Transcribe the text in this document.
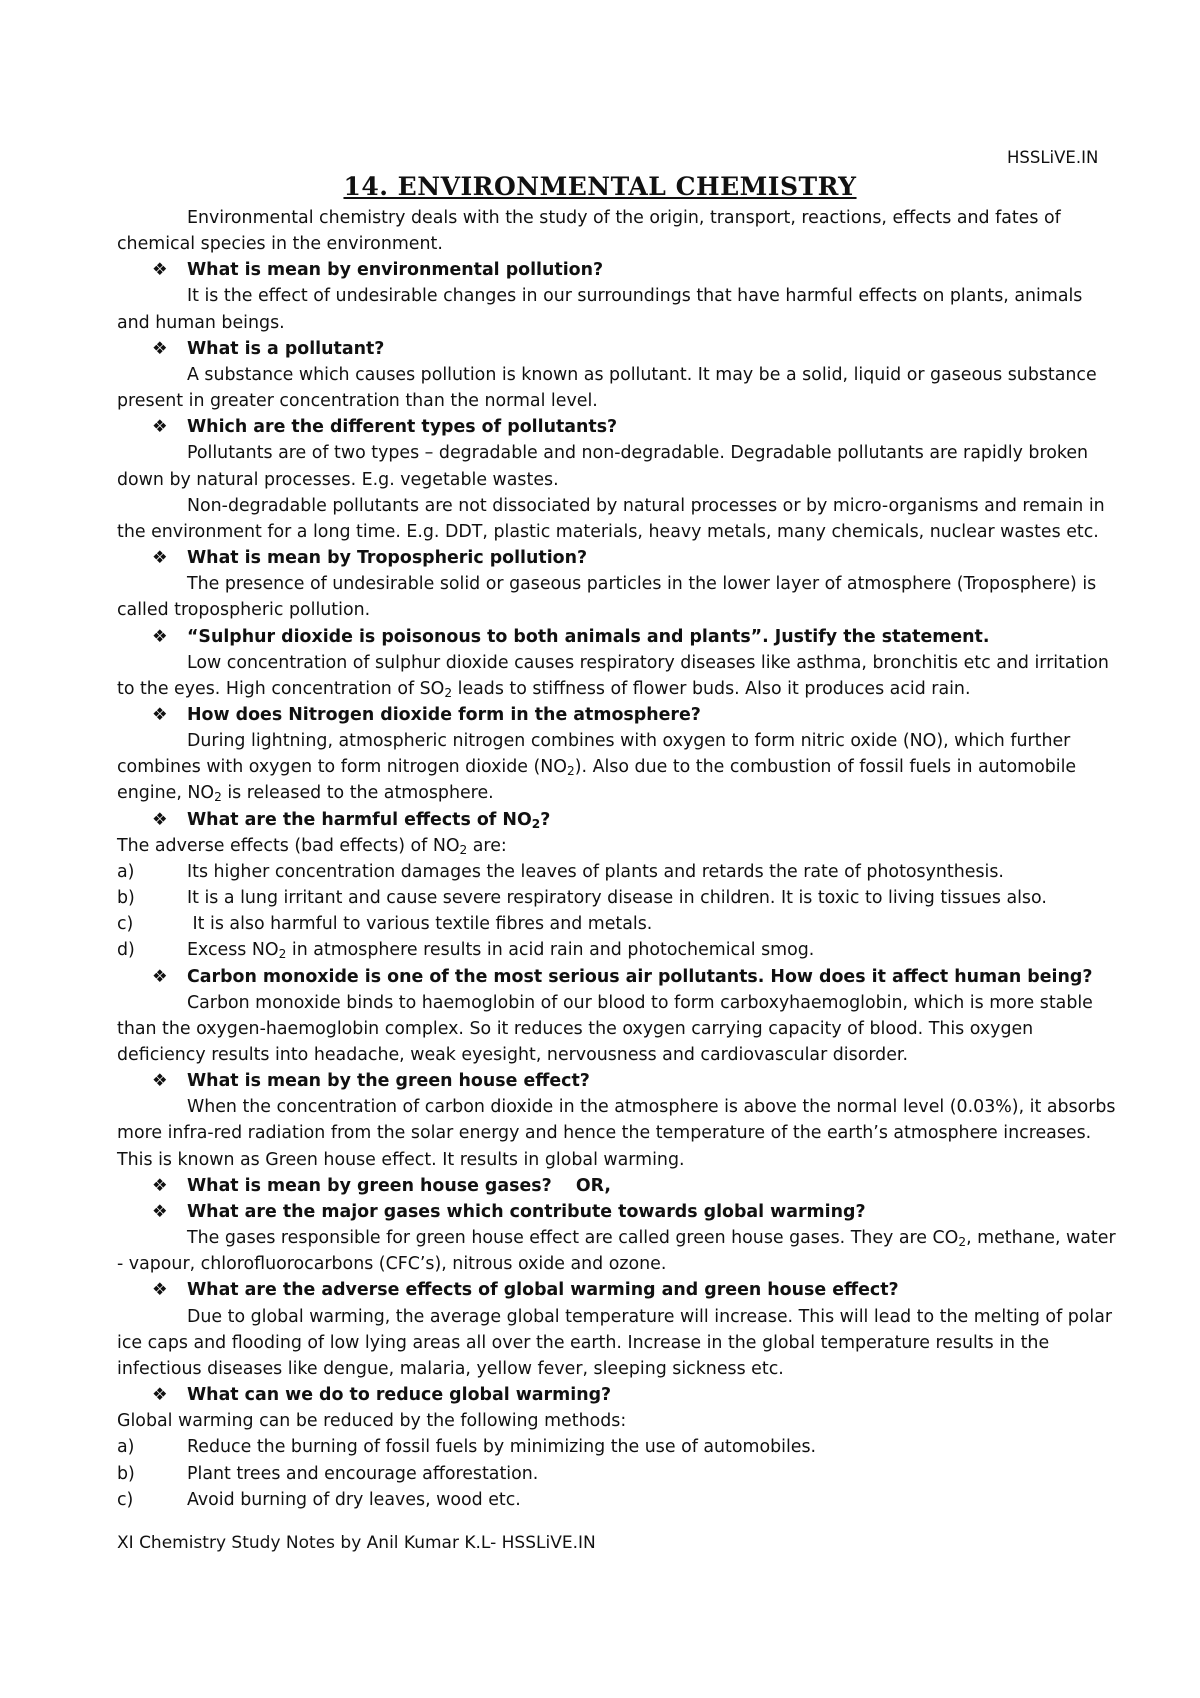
HSSLiVE.IN
14. ENVIRONMENTAL CHEMISTRY

Environmental chemistry deals with the study of the origin, transport, reactions, effects and fates of chemical species in the environment.

❖ What is mean by environmental pollution?

It is the effect of undesirable changes in our surroundings that have harmful effects on plants, animals and human beings.

❖ What is a pollutant?

A substance which causes pollution is known as pollutant. It may be a solid, liquid or gaseous substance present in greater concentration than the normal level.

❖ Which are the different types of pollutants?

Pollutants are of two types – degradable and non-degradable. Degradable pollutants are rapidly broken down by natural processes. E.g. vegetable wastes.

Non-degradable pollutants are not dissociated by natural processes or by micro-organisms and remain in the environment for a long time. E.g. DDT, plastic materials, heavy metals, many chemicals, nuclear wastes etc.

❖ What is mean by Tropospheric pollution?

The presence of undesirable solid or gaseous particles in the lower layer of atmosphere (Troposphere) is called tropospheric pollution.

❖ “Sulphur dioxide is poisonous to both animals and plants”. Justify the statement.

Low concentration of sulphur dioxide causes respiratory diseases like asthma, bronchitis etc and irritation to the eyes. High concentration of $SO_2$ leads to stiffness of flower buds. Also it produces acid rain.

❖ How does Nitrogen dioxide form in the atmosphere?

During lightning, atmospheric nitrogen combines with oxygen to form nitric oxide (NO), which further combines with oxygen to form nitrogen dioxide $(NO_2)$. Also due to the combustion of fossil fuels in automobile engine, $NO_2$ is released to the atmosphere.

❖ What are the harmful effects of $NO_2$?

The adverse effects (bad effects) of $NO_2$ are:

a)	Its higher concentration damages the leaves of plants and retards the rate of photosynthesis.

b)	It is a lung irritant and cause severe respiratory disease in children. It is toxic to living tissues also.

c)	It is also harmful to various textile fibres and metals.

d)	Excess $NO_2$ in atmosphere results in acid rain and photochemical smog.

❖ Carbon monoxide is one of the most serious air pollutants. How does it affect human being?

Carbon monoxide binds to haemoglobin of our blood to form carboxyhaemoglobin, which is more stable than the oxygen-haemoglobin complex. So it reduces the oxygen carrying capacity of blood. This oxygen deficiency results into headache, weak eyesight, nervousness and cardiovascular disorder.

❖ What is mean by the green house effect?

When the concentration of carbon dioxide in the atmosphere is above the normal level (0.03%), it absorbs more infra-red radiation from the solar energy and hence the temperature of the earth’s atmosphere increases. This is known as Green house effect. It results in global warming.

❖ What is mean by green house gases?    OR,

❖ What are the major gases which contribute towards global warming?

The gases responsible for green house effect are called green house gases. They are $CO_2$, methane, water - vapour, chlorofluorocarbons (CFC’s), nitrous oxide and ozone.

❖ What are the adverse effects of global warming and green house effect?

Due to global warming, the average global temperature will increase. This will lead to the melting of polar ice caps and flooding of low lying areas all over the earth. Increase in the global temperature results in the infectious diseases like dengue, malaria, yellow fever, sleeping sickness etc.

❖ What can we do to reduce global warming?

Global warming can be reduced by the following methods:

a)	Reduce the burning of fossil fuels by minimizing the use of automobiles.

b)	Plant trees and encourage afforestation.

c)	Avoid burning of dry leaves, wood etc.

XI Chemistry Study Notes by Anil Kumar K.L- HSSLiVE.IN
